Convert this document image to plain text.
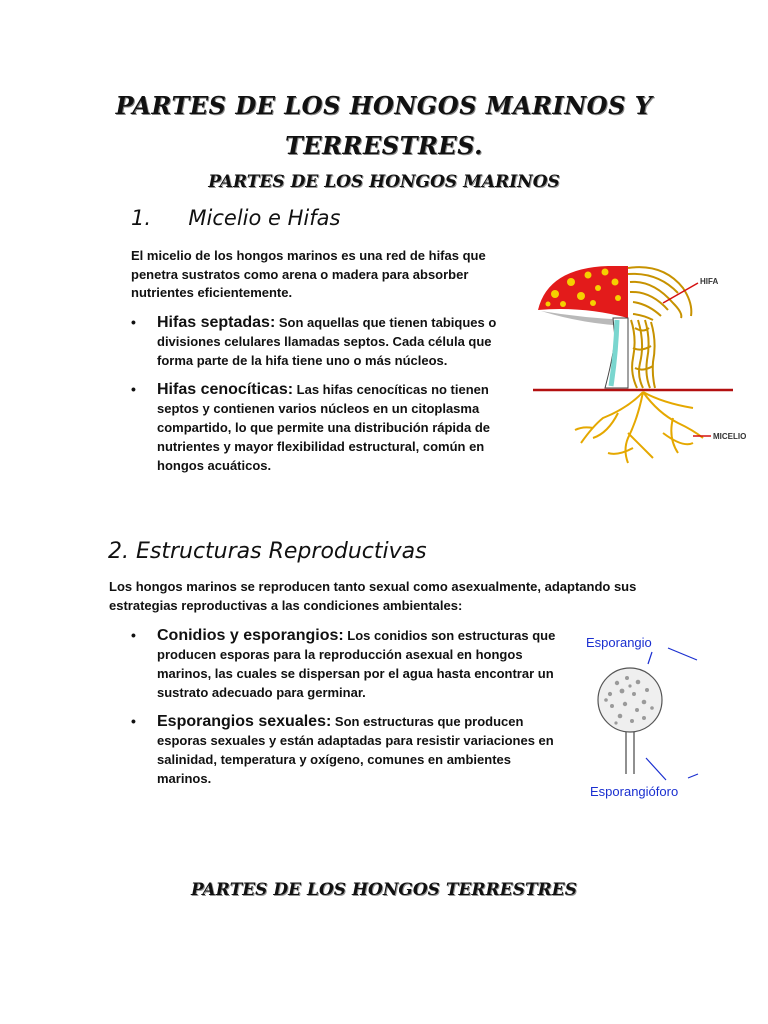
PARTES DE LOS HONGOS MARINOS Y TERRESTRES.
PARTES DE LOS HONGOS MARINOS
1. Micelio e Hifas
El micelio de los hongos marinos es una red de hifas que penetra sustratos como arena o madera para absorber nutrientes eficientemente.
• Hifas septadas: Son aquellas que tienen tabiques o divisiones celulares llamadas septos. Cada célula que forma parte de la hifa tiene uno o más núcleos.
• Hifas cenocíticas: Las hifas cenocíticas no tienen septos y contienen varios núcleos en un citoplasma compartido, lo que permite una distribución rápida de nutrientes y mayor flexibilidad estructural, común en hongos acuáticos.
HIFA
MICELIO
2. Estructuras Reproductivas
Los hongos marinos se reproducen tanto sexual como asexualmente, adaptando sus estrategias reproductivas a las condiciones ambientales:
• Conidios y esporangios: Los conidios son estructuras que producen esporas para la reproducción asexual en hongos marinos, las cuales se dispersan por el agua hasta encontrar un sustrato adecuado para germinar.
• Esporangios sexuales: Son estructuras que producen esporas sexuales y están adaptadas para resistir variaciones en salinidad, temperatura y oxígeno, comunes en ambientes marinos.
Esporangio
Esporangióforo
PARTES DE LOS HONGOS TERRESTRES
